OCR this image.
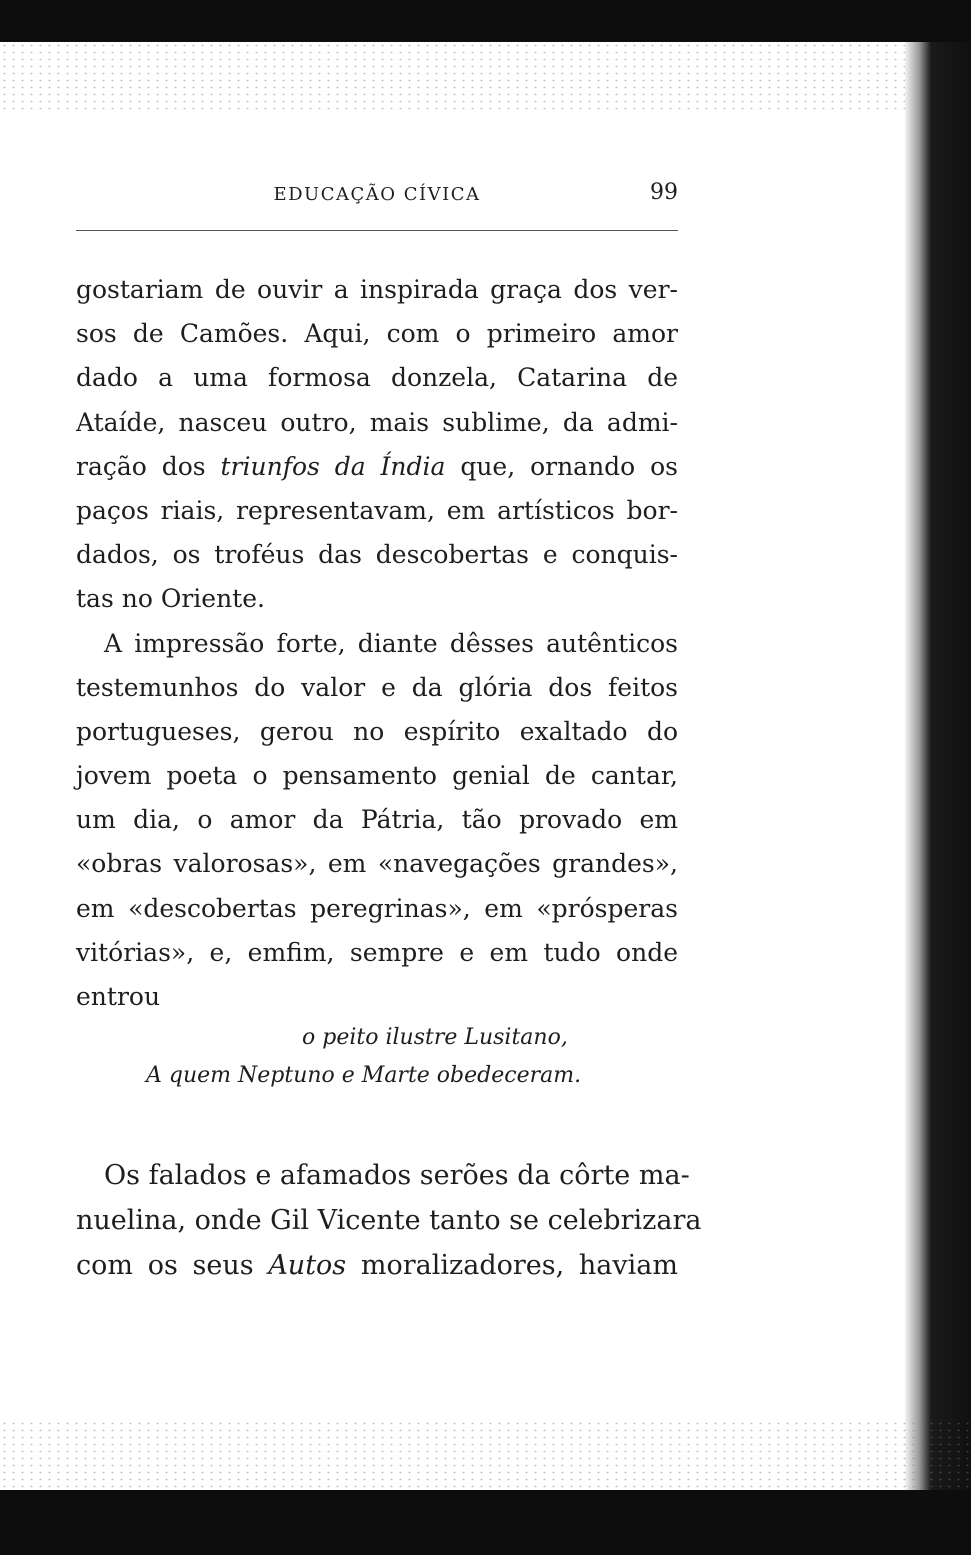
EDUCAÇÃO CÍVICA	99
gostariam de ouvir a inspirada graça dos ver-
sos de Camões. Aqui, com o primeiro amor
dado a uma formosa donzela, Catarina de
Ataíde, nasceu outro, mais sublime, da admi-
ração dos triunfos da Índia que, ornando os
paços riais, representavam, em artísticos bor-
dados, os troféus das descobertas e conquis-
tas no Oriente.
A impressão forte, diante dêsses autênticos
testemunhos do valor e da glória dos feitos
portugueses, gerou no espírito exaltado do
jovem poeta o pensamento genial de cantar,
um dia, o amor da Pátria, tão provado em
«obras valorosas», em «navegações grandes»,
em «descobertas peregrinas», em «prósperas
vitórias», e, emfim, sempre e em tudo onde
entrou
o peito ilustre Lusitano,
A quem Neptuno e Marte obedeceram.
Os falados e afamados serões da côrte ma-
nuelina, onde Gil Vicente tanto se celebrizara
com os seus Autos moralizadores, haviam
